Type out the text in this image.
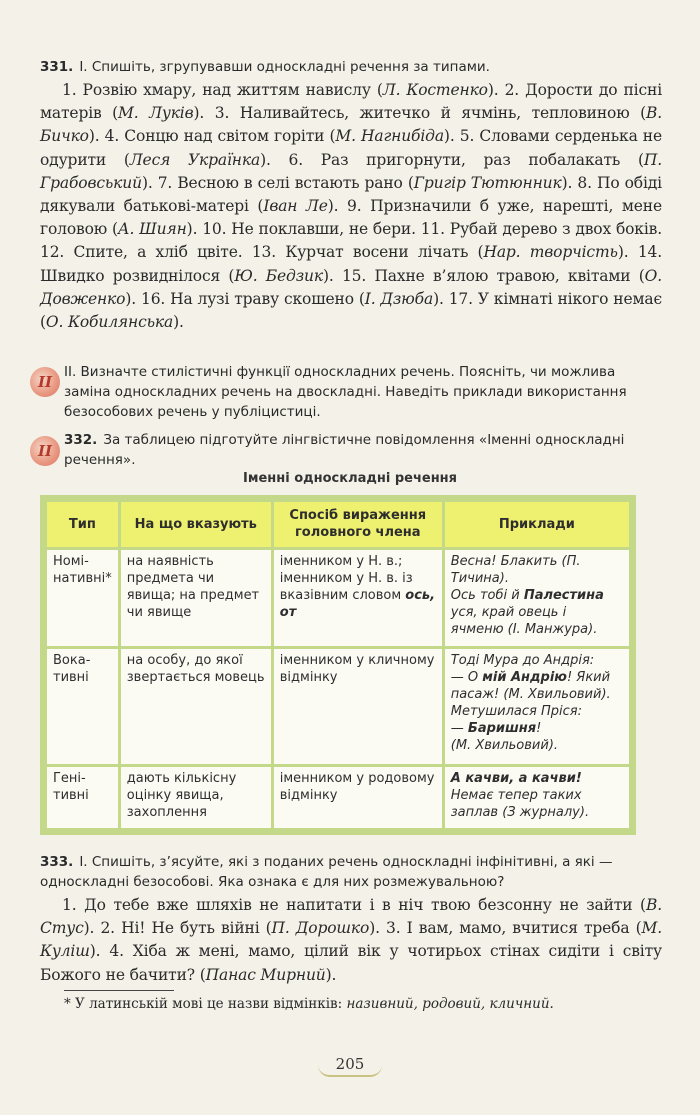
331. І. Спишіть, згрупувавши односкладні речення за типами.
1. Розвію хмару, над життям навислу (Л. Костенко). 2. Дорости до пісні матерів (М. Луків). 3. Наливайтесь, житечко й ячмінь, тепловиною (В. Бичко). 4. Сонцю над світом горіти (М. Нагнибіда). 5. Словами серденька не одурити (Леся Українка). 6. Раз пригорнути, раз побалакать (П. Грабовський). 7. Весною в селі встають рано (Григір Тютюнник). 8. По обіді дякували батькові-матері (Іван Ле). 9. Призначили б уже, нарешті, мене головою (А. Шиян). 10. Не поклавши, не бери. 11. Рубай дерево з двох боків. 12. Спите, а хліб цвіте. 13. Курчат восени лічать (Нар. творчість). 14. Швидко розвиднілося (Ю. Бедзик). 15. Пахне в’ялою травою, квітами (О. Довженко). 16. На лузі траву скошено (І. Дзюба). 17. У кімнаті нікого немає (О. Кобилянська).
ІІ
ІІ. Визначте стилістичні функції односкладних речень. Поясніть, чи можлива заміна односкладних речень на двоскладні. Наведіть приклади використання безособових речень у публіцистиці.
ІІ
332. За таблицею підготуйте лінгвістичне повідомлення «Іменні односкладні речення».
Іменні односкладні речення
Тип	На що вказують	Спосіб вираження головного члена	Приклади
Номі-нативні*	на наявність предмета чи явища; на предмет чи явище	іменником у Н. в.; іменником у Н. в. із вказівним словом ось, от	Весна! Блакить (П. Тичина).
Ось тобі й Палестина уся, край овець і ячменю (І. Манжура).
Вока-тивні	на особу, до якої звертається мовець	іменником у кличному відмінку	Тоді Мура до Андрія:
— О мій Андрію! Який пасаж! (М. Хвильовий).
Метушилася Пріся:
— Баришня!
(М. Хвильовий).
Гені-тивні	дають кількісну оцінку явища, захоплення	іменником у родовому відмінку	А качви, а качви!
Немає тепер таких заплав (З журналу).
333. І. Спишіть, з’ясуйте, які з поданих речень односкладні інфінітивні, а які — односкладні безособові. Яка ознака є для них розмежувальною?
1. До тебе вже шляхів не напитати і в ніч твою безсонну не зайти (В. Стус). 2. Ні! Не буть війні (П. Дорошко). 3. І вам, мамо, вчитися треба (М. Куліш). 4. Хіба ж мені, мамо, цілий вік у чотирьох стінах сидіти і світу Божого не бачити? (Панас Мирний).
* У латинській мові це назви відмінків: називний, родовий, кличний.
205
